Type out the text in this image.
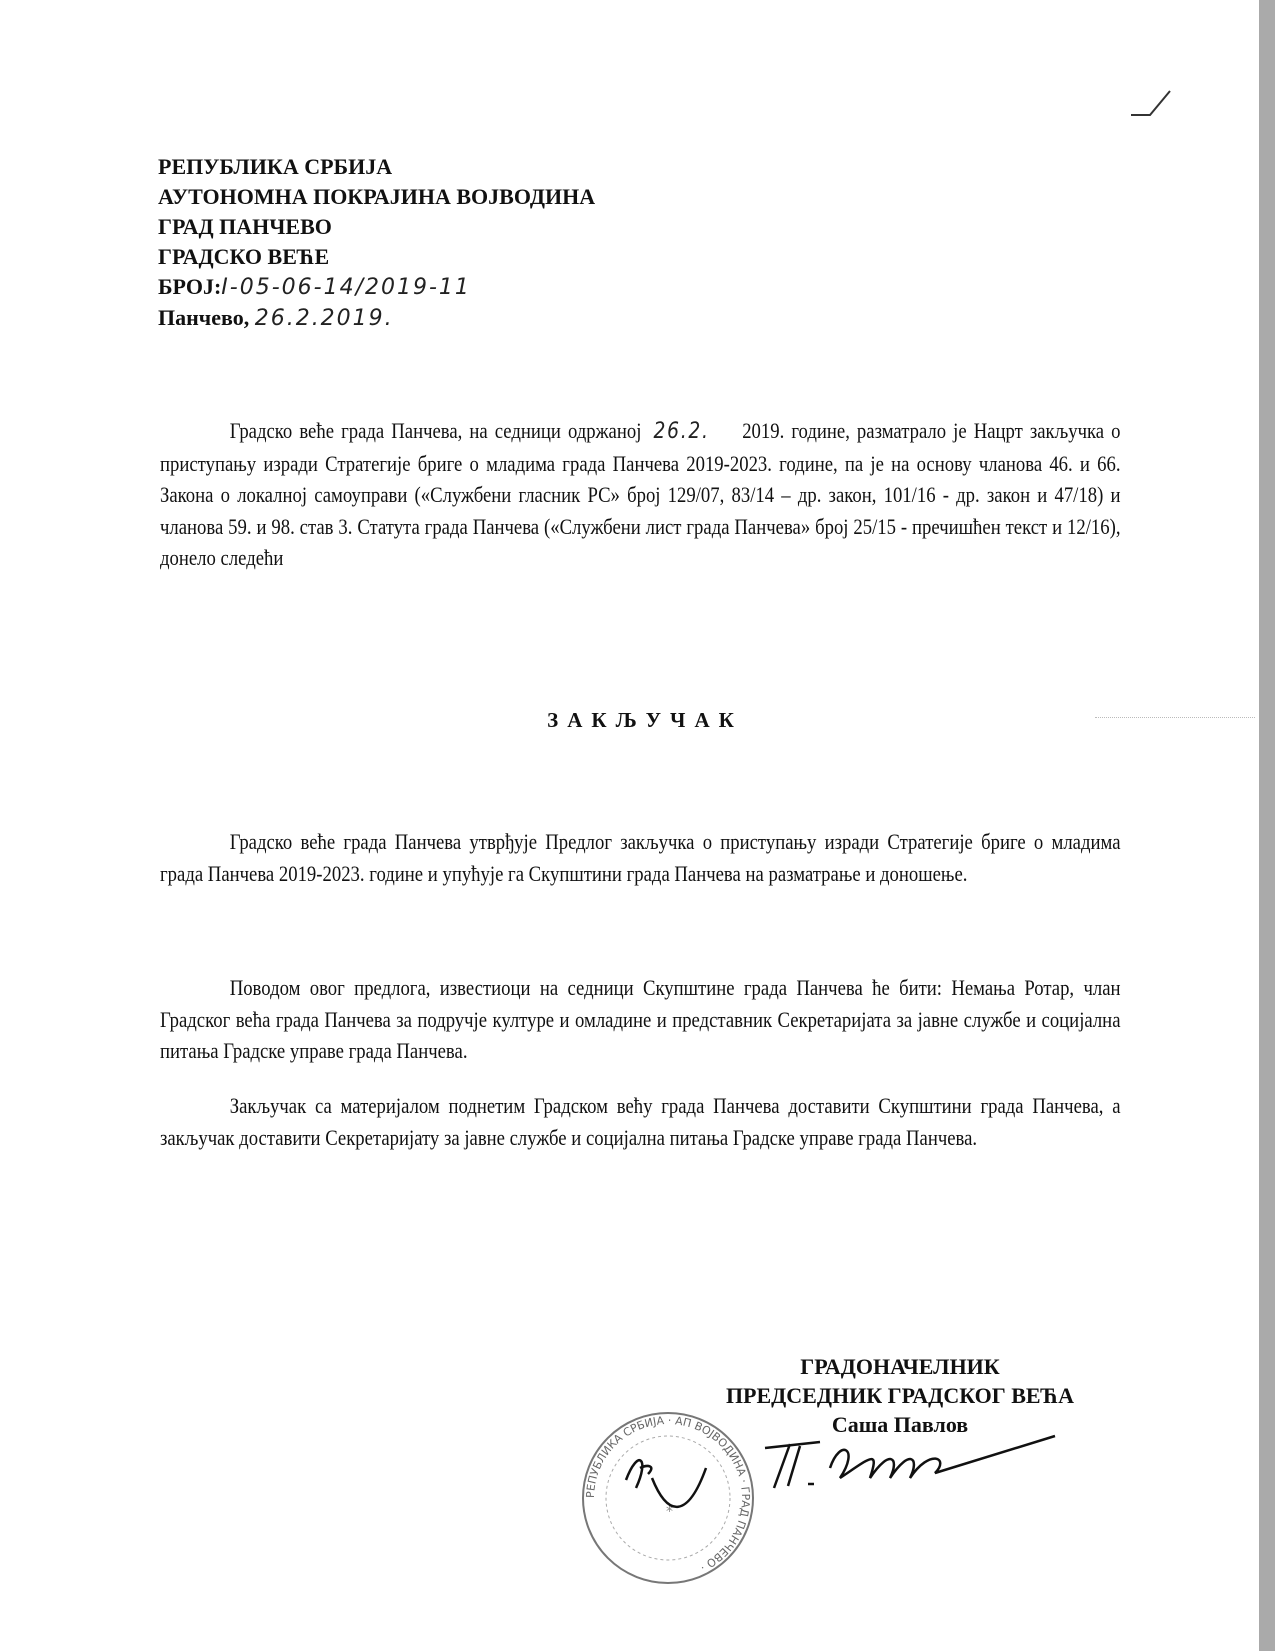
РЕПУБЛИКА СРБИЈА
АУТОНОМНА ПОКРАЈИНА ВОЈВОДИНА
ГРАД ПАНЧЕВО
ГРАДСКО ВЕЋЕ
БРОЈ:I-05-06-14/2019-11
Панчево, 26.2.2019.
Градско веће града Панчева, на седници одржаној 26.2. 2019. године, разматрало је Нацрт закључка о приступању изради Стратегије бриге о младима града Панчева 2019-2023. године, па је на основу чланова 46. и 66. Закона о локалној самоуправи («Службени гласник РС» број 129/07, 83/14 – др. закон, 101/16 - др. закон и 47/18) и чланова 59. и 98. став 3. Статута града Панчева («Службени лист града Панчева» број 25/15 - пречишћен текст и 12/16), донело следећи
ЗАКЉУЧАК
Градско веће града Панчева утврђује Предлог закључка о приступању изради Стратегије бриге о младима града Панчева 2019-2023. године и упућује га Скупштини града Панчева на разматрање и доношење.
Поводом овог предлога, известиоци на седници Скупштине града Панчева ће бити: Немања Ротар, члан Градског већа града Панчева за подручје културе и омладине и представник Секретаријата за јавне службе и социјална питања Градске управе града Панчева.
Закључак са материјалом поднетим Градском већу града Панчева доставити Скупштини града Панчева, а закључак доставити Секретаријату за јавне службе и социјална питања Градске управе града Панчева.
РЕПУБЛИКА СРБИЈА · АП ВОЈВОДИНА · ГРАД ПАНЧЕВО ·
*
ГРАДОНАЧЕЛНИК
ПРЕДСЕДНИК ГРАДСКОГ ВЕЋА
Саша Павлов
